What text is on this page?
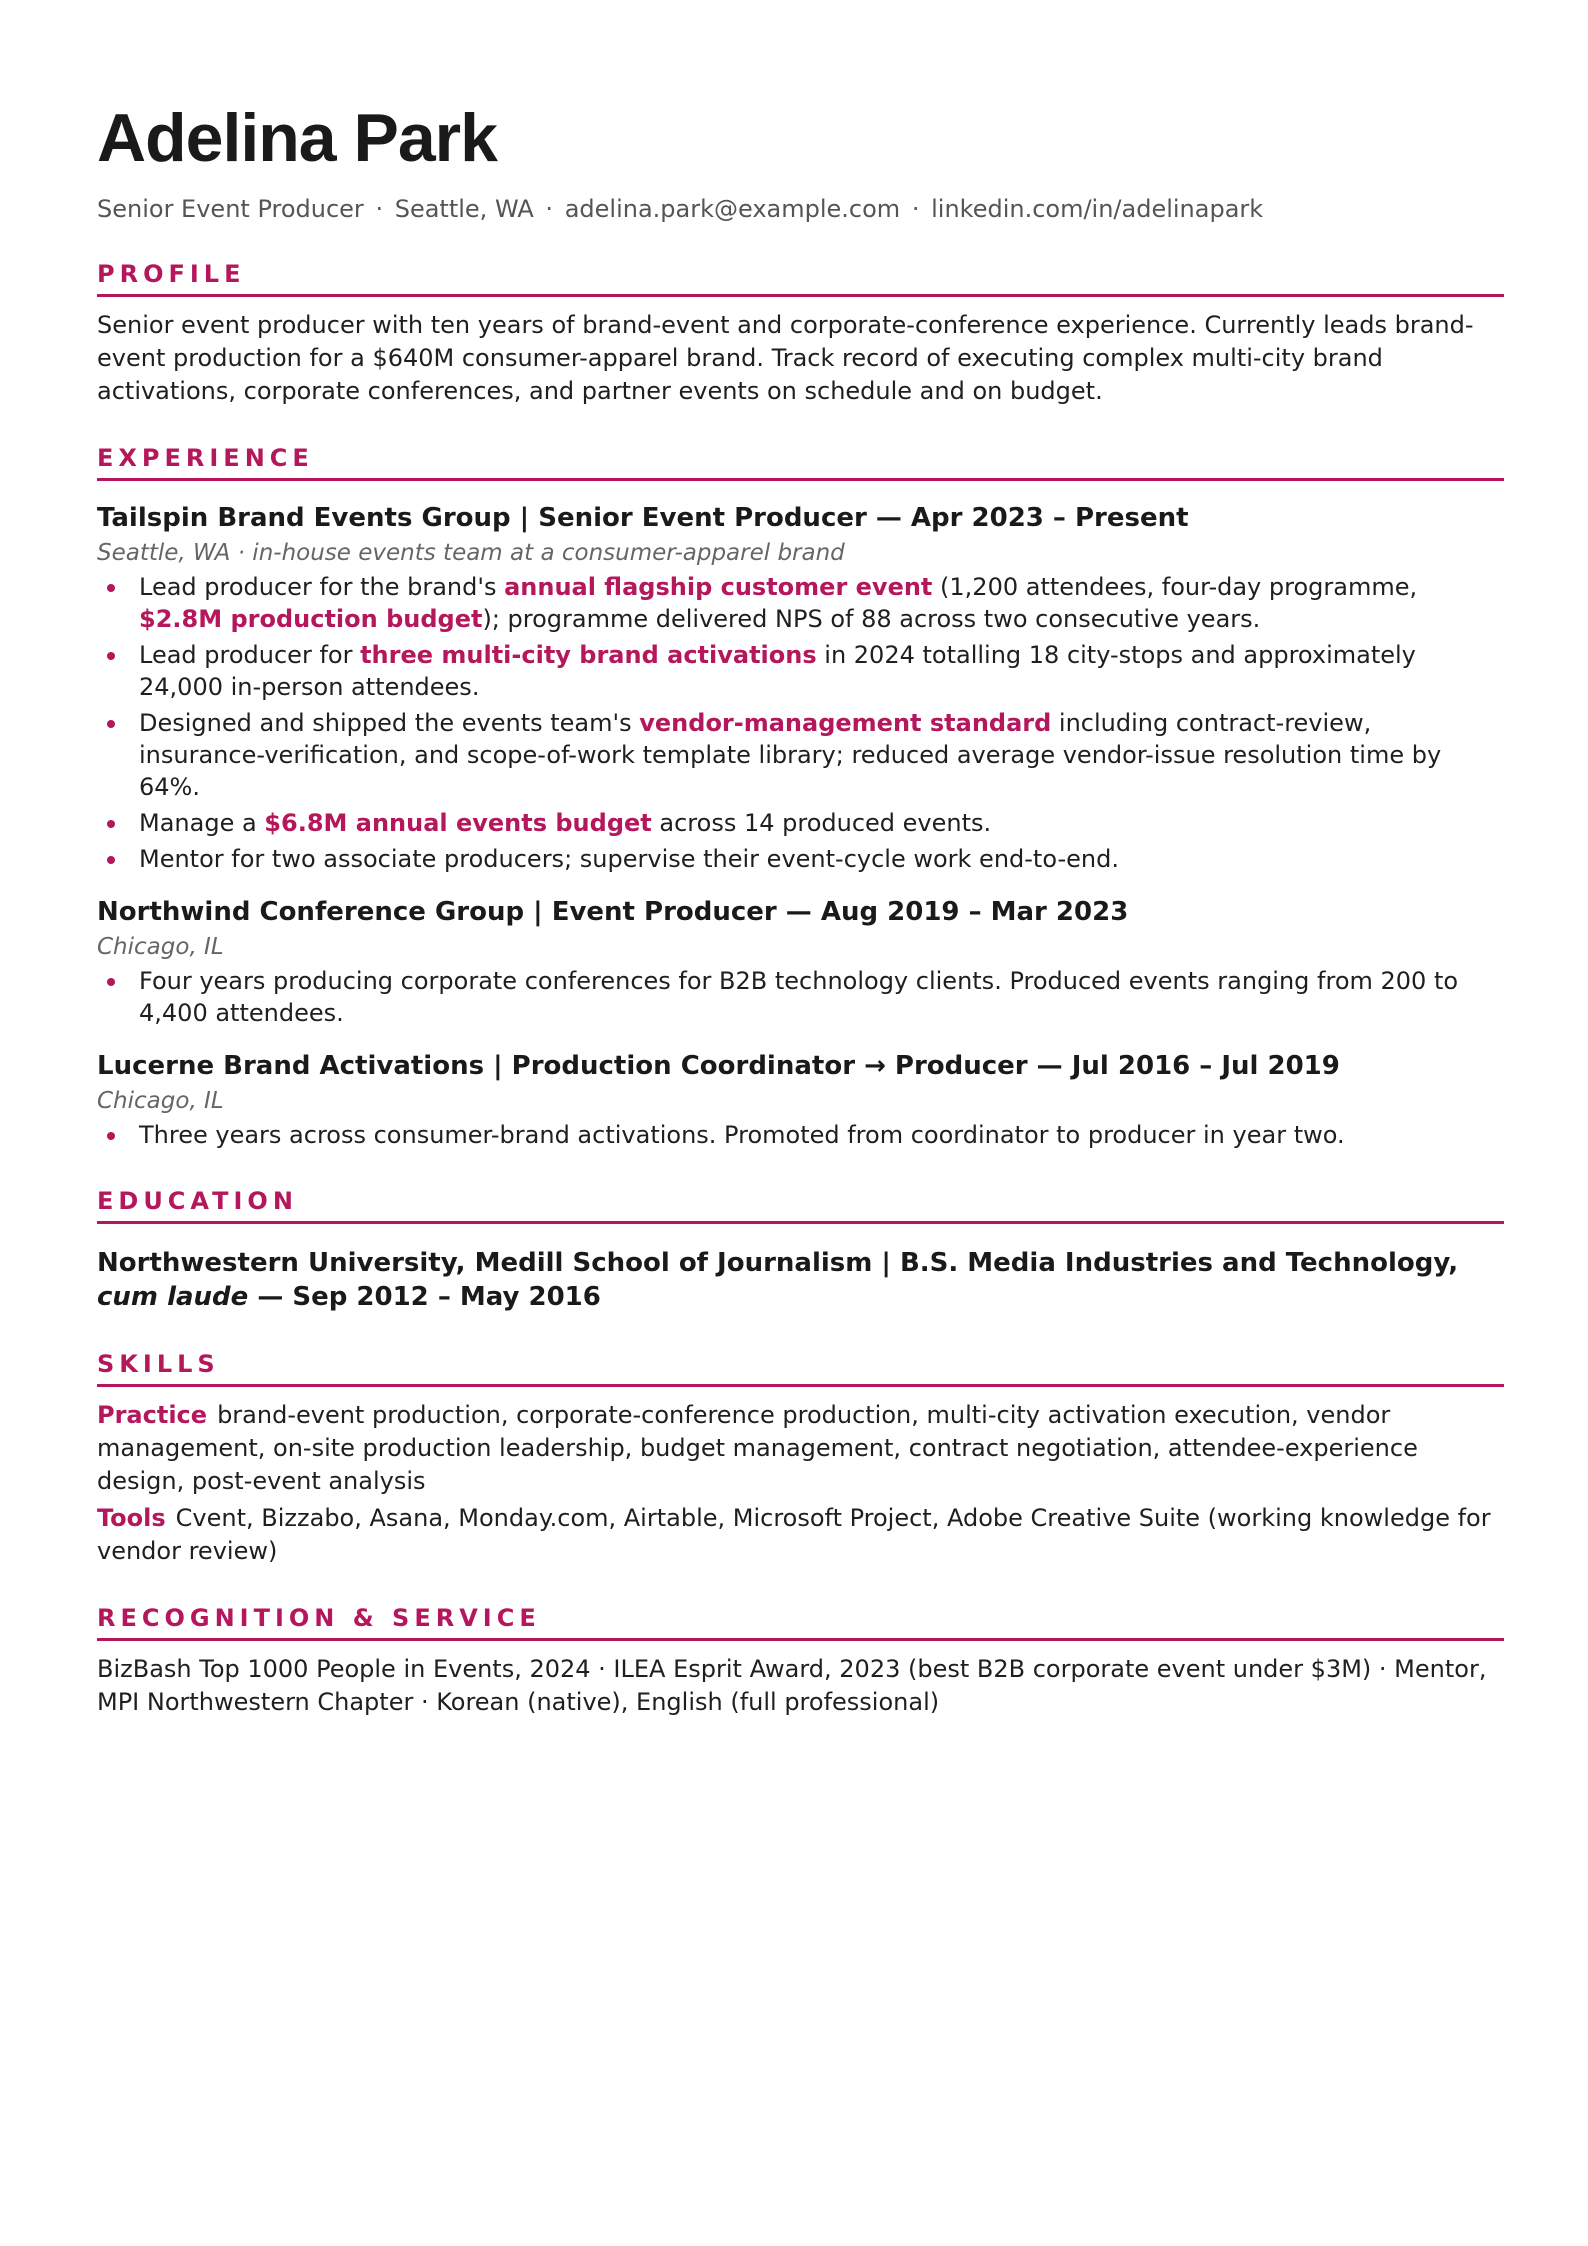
Adelina Park
Senior Event Producer · Seattle, WA · adelina.park@example.com · linkedin.com/in/adelinapark
PROFILE
Senior event producer with ten years of brand-event and corporate-conference experience. Currently leads brand-event production for a $640M consumer-apparel brand. Track record of executing complex multi-city brand activations, corporate conferences, and partner events on schedule and on budget.
EXPERIENCE
Tailspin Brand Events Group | Senior Event Producer — Apr 2023 – Present
Seattle, WA · in-house events team at a consumer-apparel brand
Lead producer for the brand's annual flagship customer event (1,200 attendees, four-day programme, $2.8M production budget); programme delivered NPS of 88 across two consecutive years.
Lead producer for three multi-city brand activations in 2024 totalling 18 city-stops and approximately 24,000 in-person attendees.
Designed and shipped the events team's vendor-management standard including contract-review, insurance-verification, and scope-of-work template library; reduced average vendor-issue resolution time by 64%.
Manage a $6.8M annual events budget across 14 produced events.
Mentor for two associate producers; supervise their event-cycle work end-to-end.
Northwind Conference Group | Event Producer — Aug 2019 – Mar 2023
Chicago, IL
Four years producing corporate conferences for B2B technology clients. Produced events ranging from 200 to 4,400 attendees.
Lucerne Brand Activations | Production Coordinator → Producer — Jul 2016 – Jul 2019
Chicago, IL
Three years across consumer-brand activations. Promoted from coordinator to producer in year two.
EDUCATION
Northwestern University, Medill School of Journalism | B.S. Media Industries and Technology, cum laude — Sep 2012 – May 2016
SKILLS
Practice brand-event production, corporate-conference production, multi-city activation execution, vendor management, on-site production leadership, budget management, contract negotiation, attendee-experience design, post-event analysis
Tools Cvent, Bizzabo, Asana, Monday.com, Airtable, Microsoft Project, Adobe Creative Suite (working knowledge for vendor review)
RECOGNITION & SERVICE
BizBash Top 1000 People in Events, 2024 · ILEA Esprit Award, 2023 (best B2B corporate event under $3M) · Mentor, MPI Northwestern Chapter · Korean (native), English (full professional)
